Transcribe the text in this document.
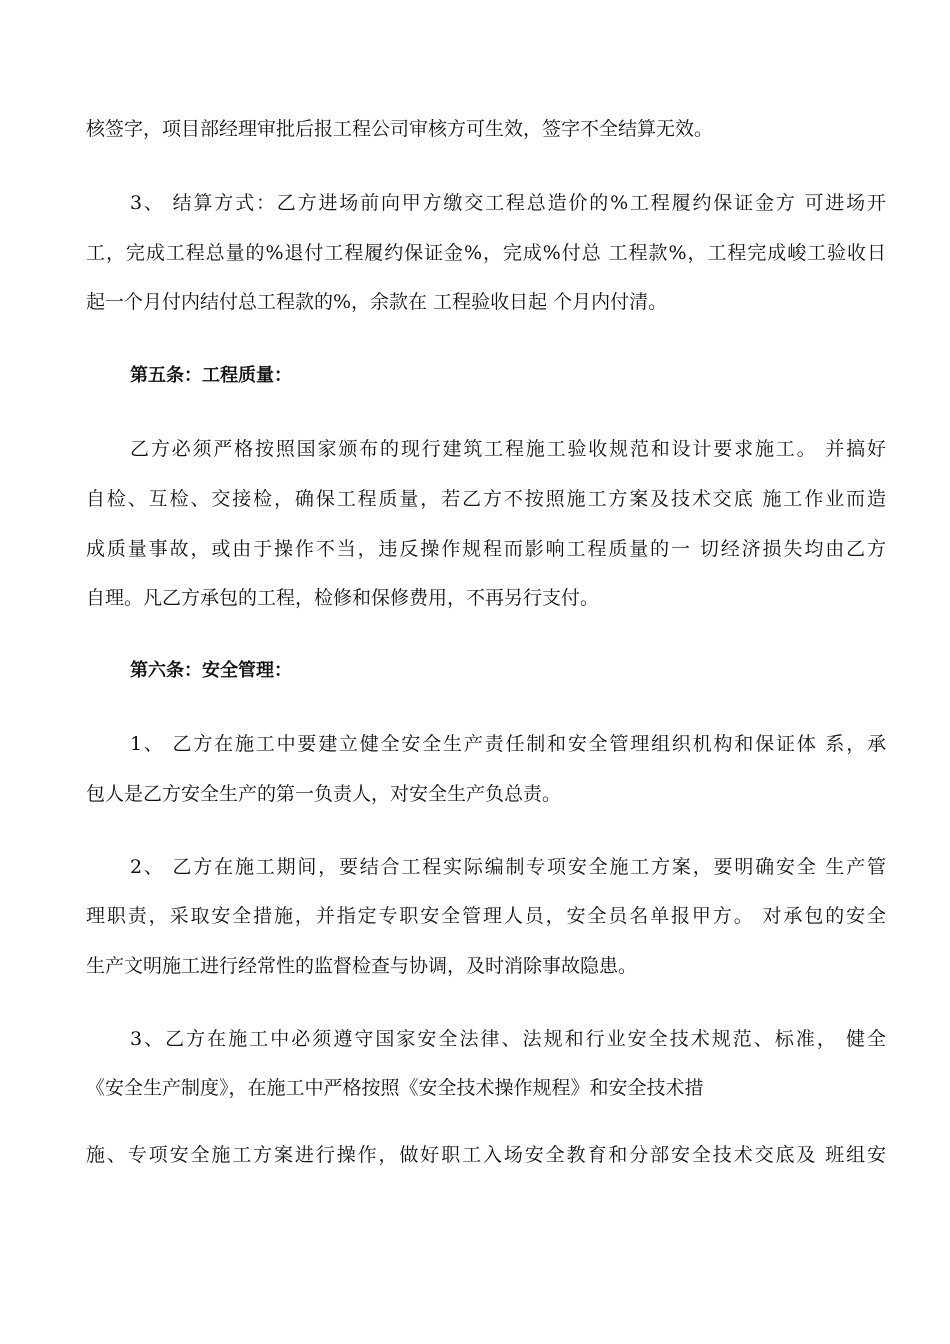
核签字，项目部经理审批后报工程公司审核方可生效，签字不全结算无效。
3、 结算方式：乙方进场前向甲方缴交工程总造价的%工程履约保证金方 可进场开
工，完成工程总量的%退付工程履约保证金%，完成%付总 工程款%，工程完成峻工验收日
起一个月付内结付总工程款的%，余款在 工程验收日起 个月内付清。
第五条：工程质量：
乙方必须严格按照国家颁布的现行建筑工程施工验收规范和设计要求施工。 并搞好
自检、互检、交接检，确保工程质量，若乙方不按照施工方案及技术交底 施工作业而造
成质量事故，或由于操作不当，违反操作规程而影响工程质量的一 切经济损失均由乙方
自理。凡乙方承包的工程，检修和保修费用，不再另行支付。
第六条：安全管理：
1、 乙方在施工中要建立健全安全生产责任制和安全管理组织机构和保证体 系，承
包人是乙方安全生产的第一负责人，对安全生产负总责。
2、 乙方在施工期间，要结合工程实际编制专项安全施工方案，要明确安全 生产管
理职责，采取安全措施，并指定专职安全管理人员，安全员名单报甲方。 对承包的安全
生产文明施工进行经常性的监督检查与协调，及时消除事故隐患。
3、乙方在施工中必须遵守国家安全法律、法规和行业安全技术规范、标准， 健全
《安全生产制度》，在施工中严格按照《安全技术操作规程》和安全技术措
施、专项安全施工方案进行操作，做好职工入场安全教育和分部安全技术交底及 班组安
